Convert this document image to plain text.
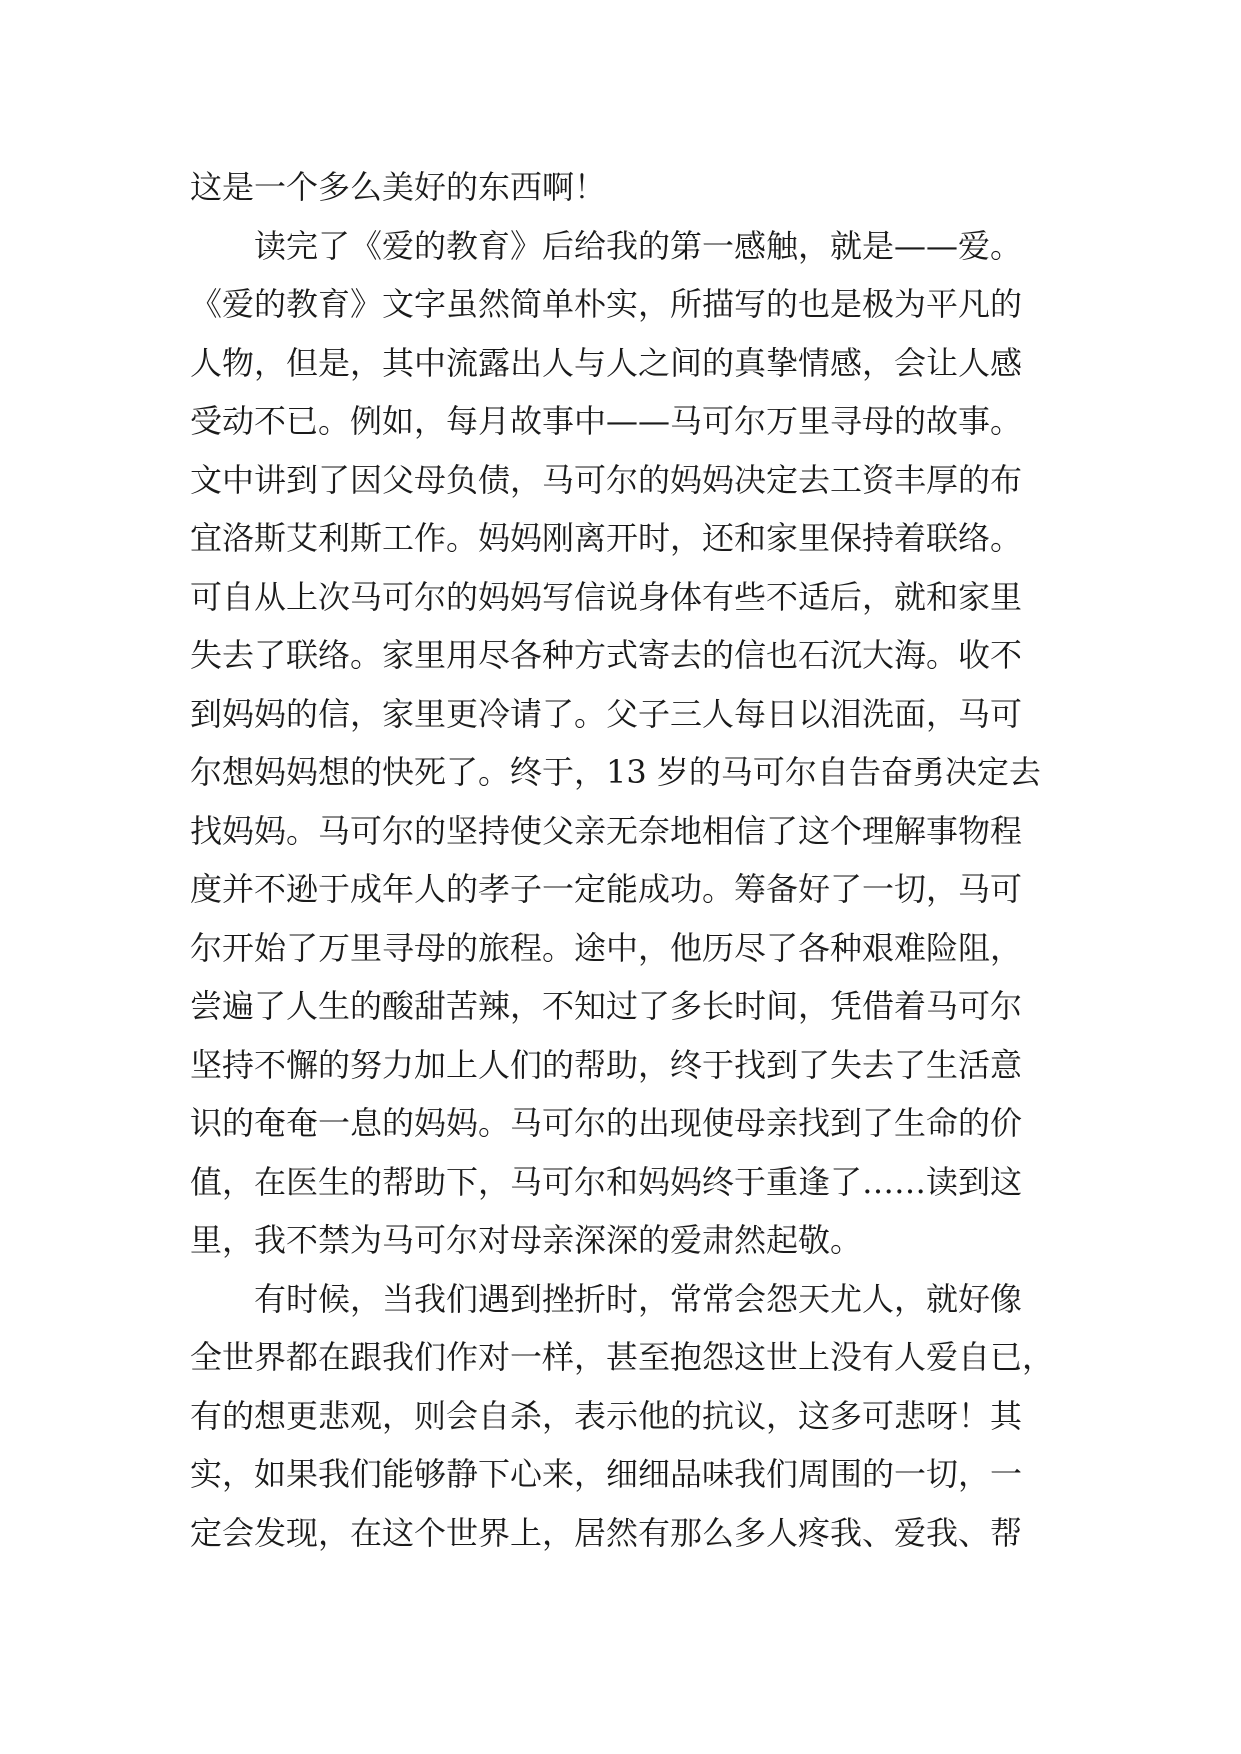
这是一个多么美好的东西啊！
读完了《爱的教育》后给我的第一感触，就是——爱。
《爱的教育》文字虽然简单朴实，所描写的也是极为平凡的
人物，但是，其中流露出人与人之间的真挚情感，会让人感
受动不已。例如，每月故事中——马可尔万里寻母的故事。
文中讲到了因父母负债，马可尔的妈妈决定去工资丰厚的布
宜洛斯艾利斯工作。妈妈刚离开时，还和家里保持着联络。
可自从上次马可尔的妈妈写信说身体有些不适后，就和家里
失去了联络。家里用尽各种方式寄去的信也石沉大海。收不
到妈妈的信，家里更冷请了。父子三人每日以泪洗面，马可
尔想妈妈想的快死了。终于，13 岁的马可尔自告奋勇决定去
找妈妈。马可尔的坚持使父亲无奈地相信了这个理解事物程
度并不逊于成年人的孝子一定能成功。筹备好了一切，马可
尔开始了万里寻母的旅程。途中，他历尽了各种艰难险阻，
尝遍了人生的酸甜苦辣，不知过了多长时间，凭借着马可尔
坚持不懈的努力加上人们的帮助，终于找到了失去了生活意
识的奄奄一息的妈妈。马可尔的出现使母亲找到了生命的价
值，在医生的帮助下，马可尔和妈妈终于重逢了……读到这
里，我不禁为马可尔对母亲深深的爱肃然起敬。
有时候，当我们遇到挫折时，常常会怨天尤人，就好像
全世界都在跟我们作对一样，甚至抱怨这世上没有人爱自已，
有的想更悲观，则会自杀，表示他的抗议，这多可悲呀！其
实，如果我们能够静下心来，细细品味我们周围的一切，一
定会发现，在这个世界上，居然有那么多人疼我、爱我、帮
